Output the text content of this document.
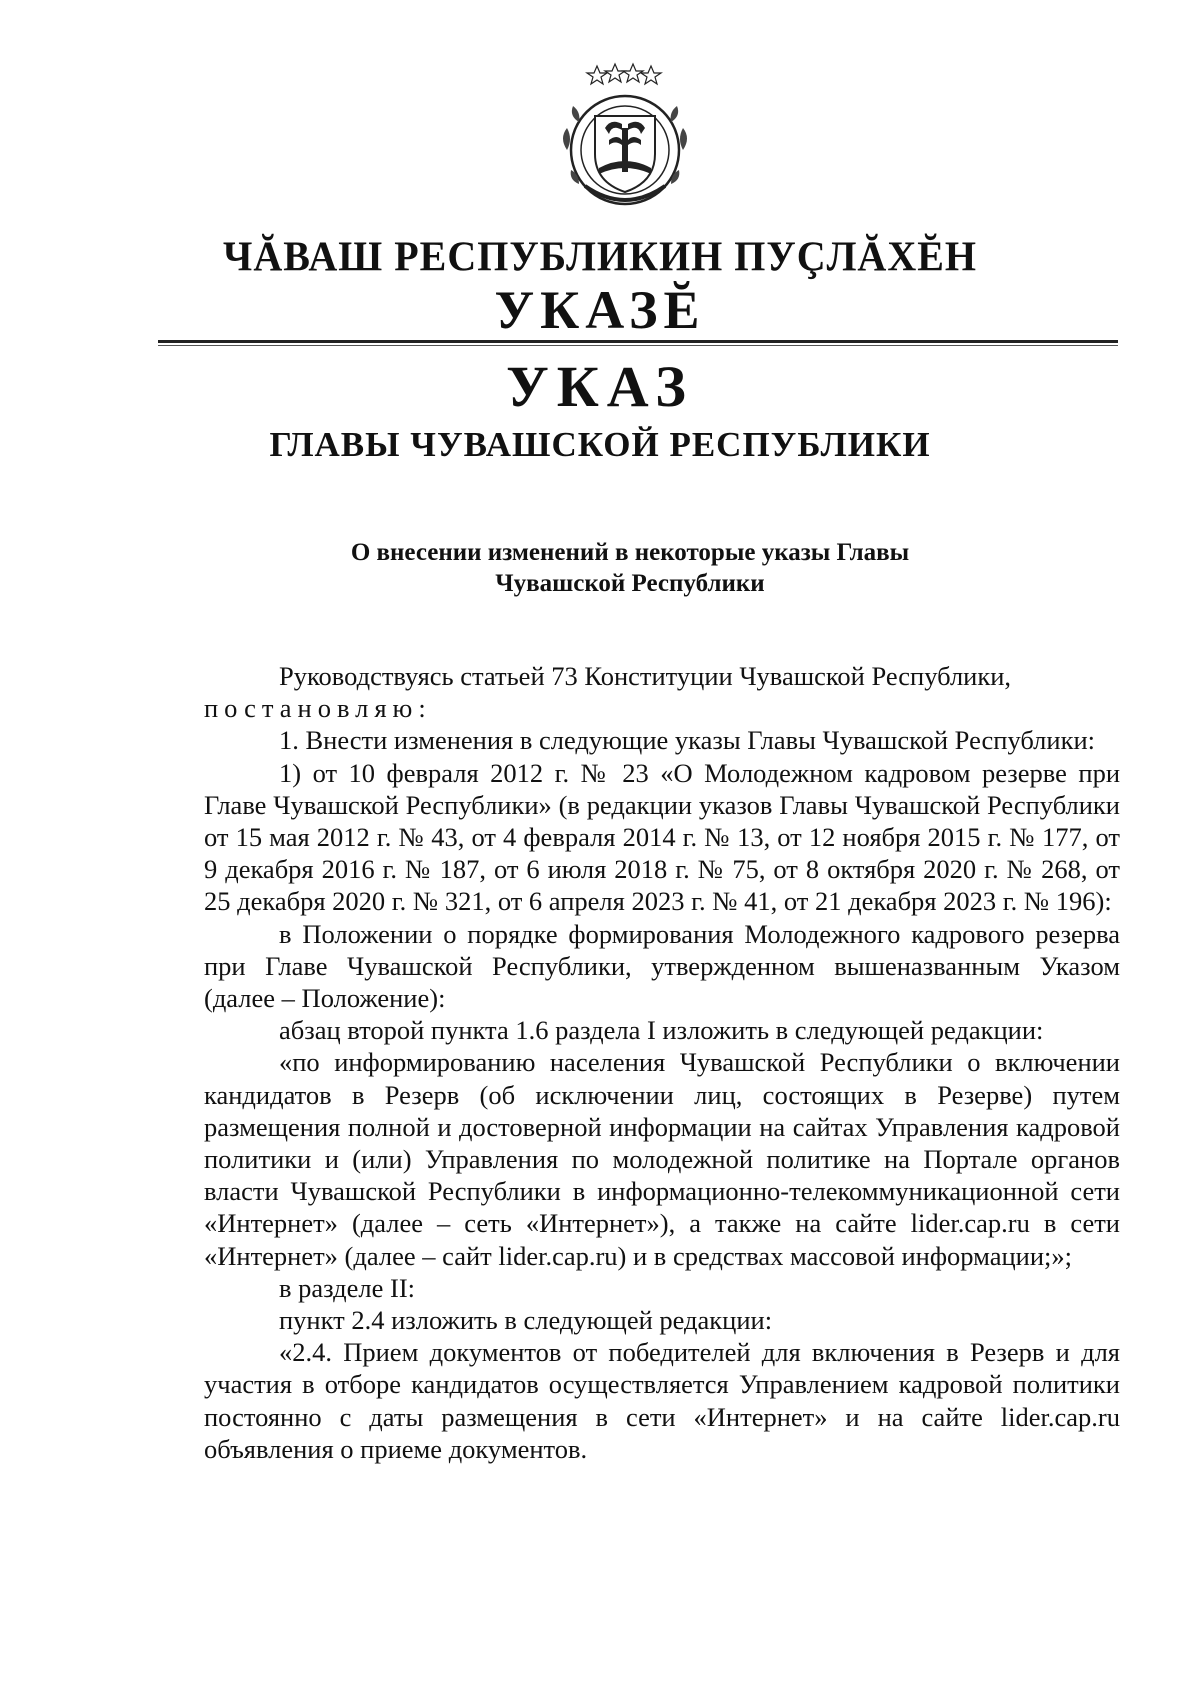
ЧĂВАШ РЕСПУБЛИКИН ПУÇЛĂХĔН
УКАЗĔ
УКАЗ
ГЛАВЫ ЧУВАШСКОЙ РЕСПУБЛИКИ
О внесении изменений в некоторые указы Главы
Чувашской Республики

Руководствуясь статьей 73 Конституции Чувашской Республики,

постановляю:

1. Внести изменения в следующие указы Главы Чувашской Республики:

1) от 10 февраля 2012 г. № 23 «О Молодежном кадровом резерве при Главе Чувашской Республики» (в редакции указов Главы Чувашской Республики от 15 мая 2012 г. № 43, от 4 февраля 2014 г. № 13, от 12 ноября 2015 г. № 177, от 9 декабря 2016 г. № 187, от 6 июля 2018 г. № 75, от 8 октября 2020 г. № 268, от 25 декабря 2020 г. № 321, от 6 апреля 2023 г. № 41, от 21 декабря 2023 г. № 196):

в Положении о порядке формирования Молодежного кадрового резерва при Главе Чувашской Республики, утвержденном вышеназванным Указом (далее – Положение):

абзац второй пункта 1.6 раздела I изложить в следующей редакции:

«по информированию населения Чувашской Республики о включении кандидатов в Резерв (об исключении лиц, состоящих в Резерве) путем размещения полной и достоверной информации на сайтах Управления кадровой политики и (или) Управления по молодежной политике на Портале органов власти Чувашской Республики в информационно-телекоммуникационной сети «Интернет» (далее – сеть «Интернет»), а также на сайте lider.cap.ru в сети «Интернет» (далее – сайт lider.cap.ru) и в средствах массовой информации;»;

в разделе II:

пункт 2.4 изложить в следующей редакции:

«2.4. Прием документов от победителей для включения в Резерв и для участия в отборе кандидатов осуществляется Управлением кадровой политики постоянно с даты размещения в сети «Интернет» и на сайте lider.cap.ru объявления о приеме документов.
